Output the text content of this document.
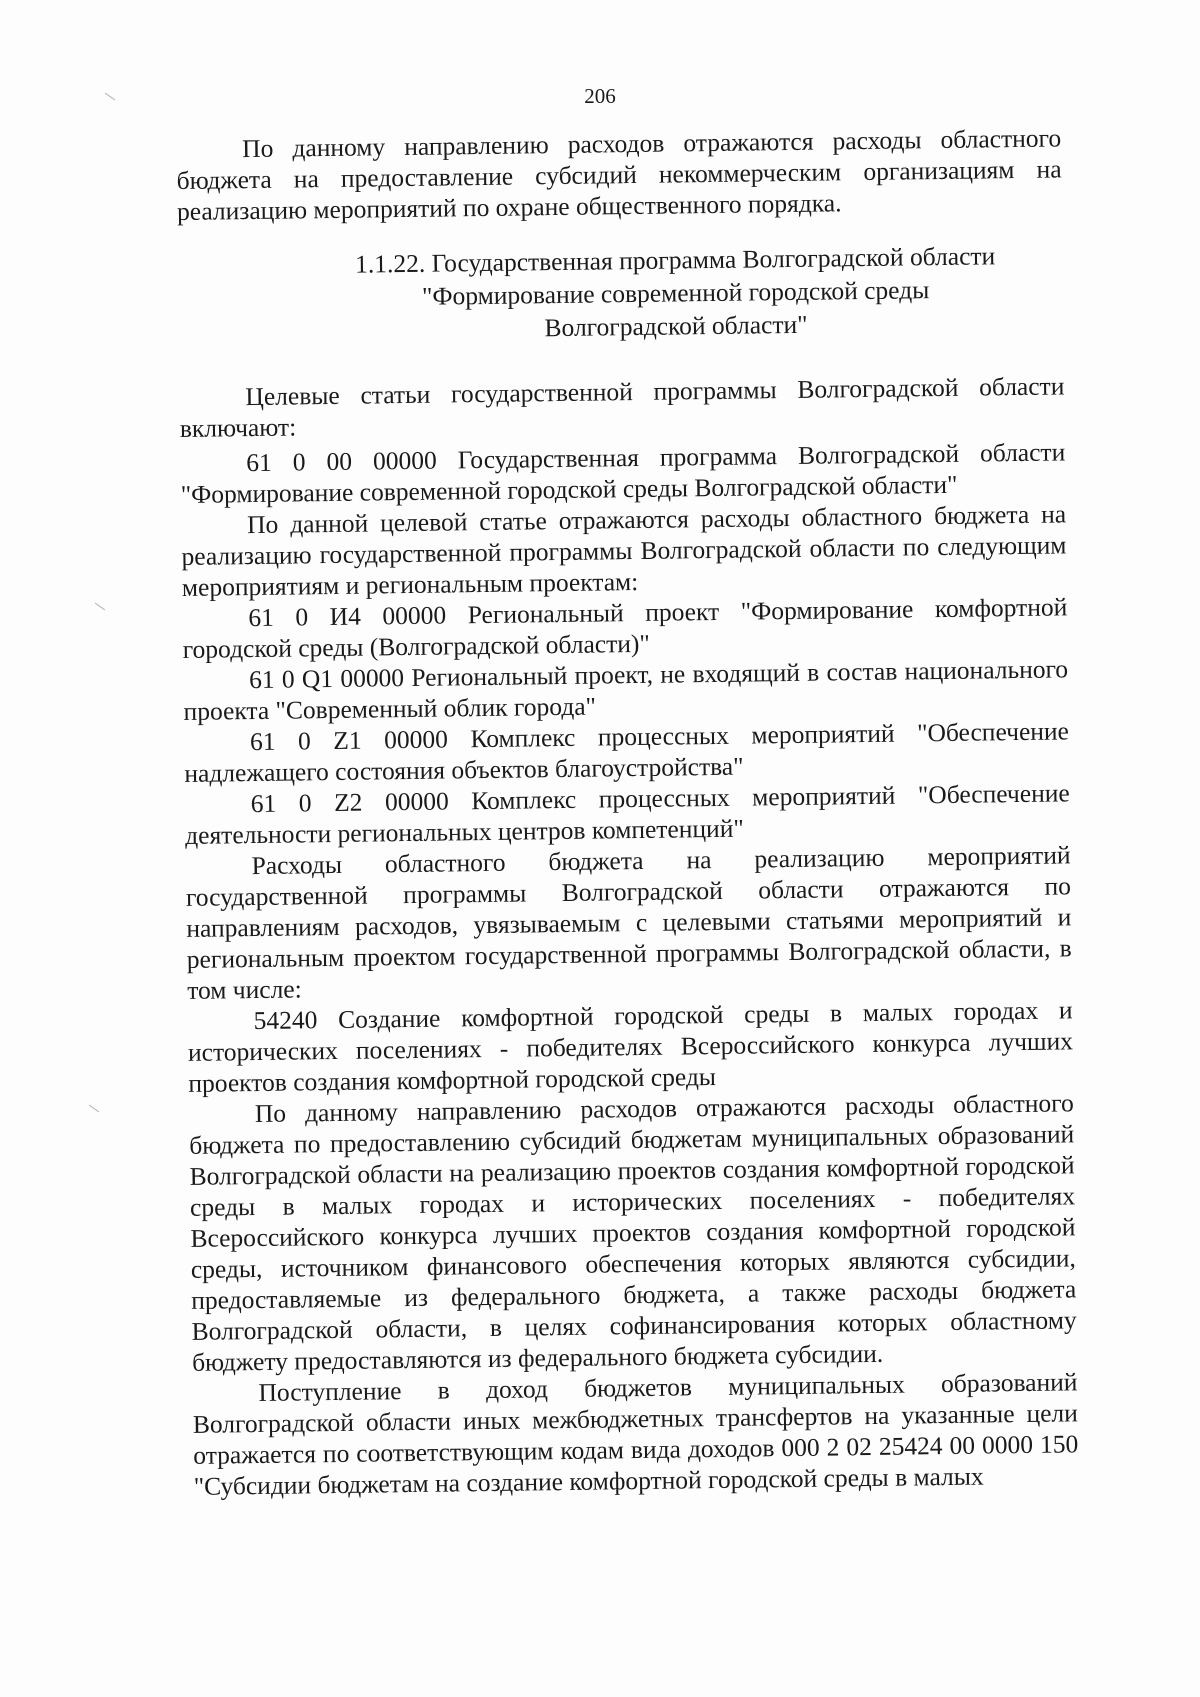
206

По данному направлению расходов отражаются расходы областного бюджета на предоставление субсидий некоммерческим организациям на реализацию мероприятий по охране общественного порядка.

1.1.22. Государственная программа Волгоградской области
"Формирование современной городской среды
Волгоградской области"

Целевые статьи государственной программы Волгоградской области включают:

61 0 00 00000 Государственная программа Волгоградской области "Формирование современной городской среды Волгоградской области"

По данной целевой статье отражаются расходы областного бюджета на реализацию государственной программы Волгоградской области по следующим мероприятиям и региональным проектам:

61 0 И4 00000 Региональный проект "Формирование комфортной городской среды (Волгоградской области)"

61 0 Q1 00000 Региональный проект, не входящий в состав национального проекта "Современный облик города"

61 0 Z1 00000 Комплекс процессных мероприятий "Обеспечение надлежащего состояния объектов благоустройства"

61 0 Z2 00000 Комплекс процессных мероприятий "Обеспечение деятельности региональных центров компетенций"

Расходы областного бюджета на реализацию мероприятий государственной программы Волгоградской области отражаются по направлениям расходов, увязываемым с целевыми статьями мероприятий и региональным проектом государственной программы Волгоградской области, в том числе:

54240 Создание комфортной городской среды в малых городах и исторических поселениях - победителях Всероссийского конкурса лучших проектов создания комфортной городской среды

По данному направлению расходов отражаются расходы областного бюджета по предоставлению субсидий бюджетам муниципальных образований Волгоградской области на реализацию проектов создания комфортной городской среды в малых городах и исторических поселениях - победителях Всероссийского конкурса лучших проектов создания комфортной городской среды, источником финансового обеспечения которых являются субсидии, предоставляемые из федерального бюджета, а также расходы бюджета Волгоградской области, в целях софинансирования которых областному бюджету предоставляются из федерального бюджета субсидии.

Поступление в доход бюджетов муниципальных образований Волгоградской области иных межбюджетных трансфертов на указанные цели отражается по соответствующим кодам вида доходов 000 2 02 25424 00 0000 150 "Субсидии бюджетам на создание комфортной городской среды в малых
